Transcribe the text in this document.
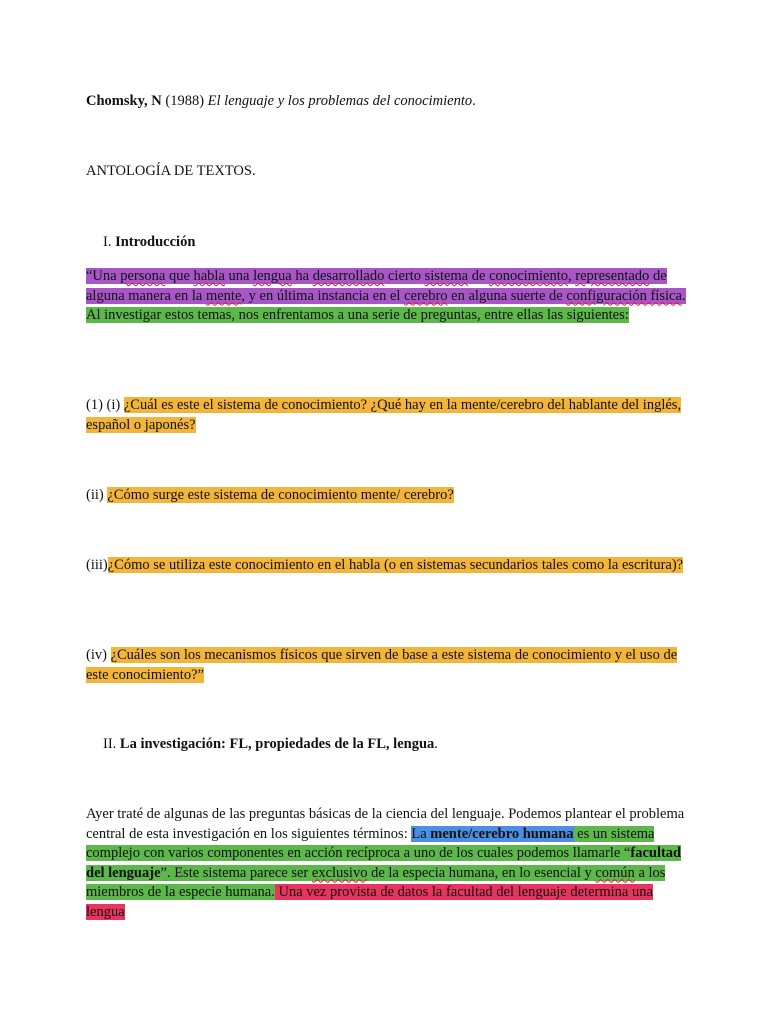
Chomsky, N (1988) El lenguaje y los problemas del conocimiento.
ANTOLOGÍA DE TEXTOS.
I. Introducción
“Una persona que habla una lengua ha desarrollado cierto sistema de conocimiento, representado de alguna manera en la mente, y en última instancia en el cerebro en alguna suerte de configuración física. Al investigar estos temas, nos enfrentamos a una serie de preguntas, entre ellas las siguientes:
(1) (i) ¿Cuál es este el sistema de conocimiento? ¿Qué hay en la mente/cerebro del hablante del inglés, español o japonés?
(ii) ¿Cómo surge este sistema de conocimiento mente/ cerebro?
(iii)¿Cómo se utiliza este conocimiento en el habla (o en sistemas secundarios tales como la escritura)?
(iv) ¿Cuáles son los mecanismos físicos que sirven de base a este sistema de conocimiento y el uso de este conocimiento?”
II. La investigación: FL, propiedades de la FL, lengua.
Ayer traté de algunas de las preguntas básicas de la ciencia del lenguaje. Podemos plantear el problema central de esta investigación en los siguientes términos: La mente/cerebro humana es un sistema complejo con varios componentes en acción recíproca a uno de los cuales podemos llamarle “facultad del lenguaje”. Este sistema parece ser exclusivo de la especia humana, en lo esencial y común a los miembros de la especie humana. Una vez provista de datos la facultad del lenguaje determina una lengua
